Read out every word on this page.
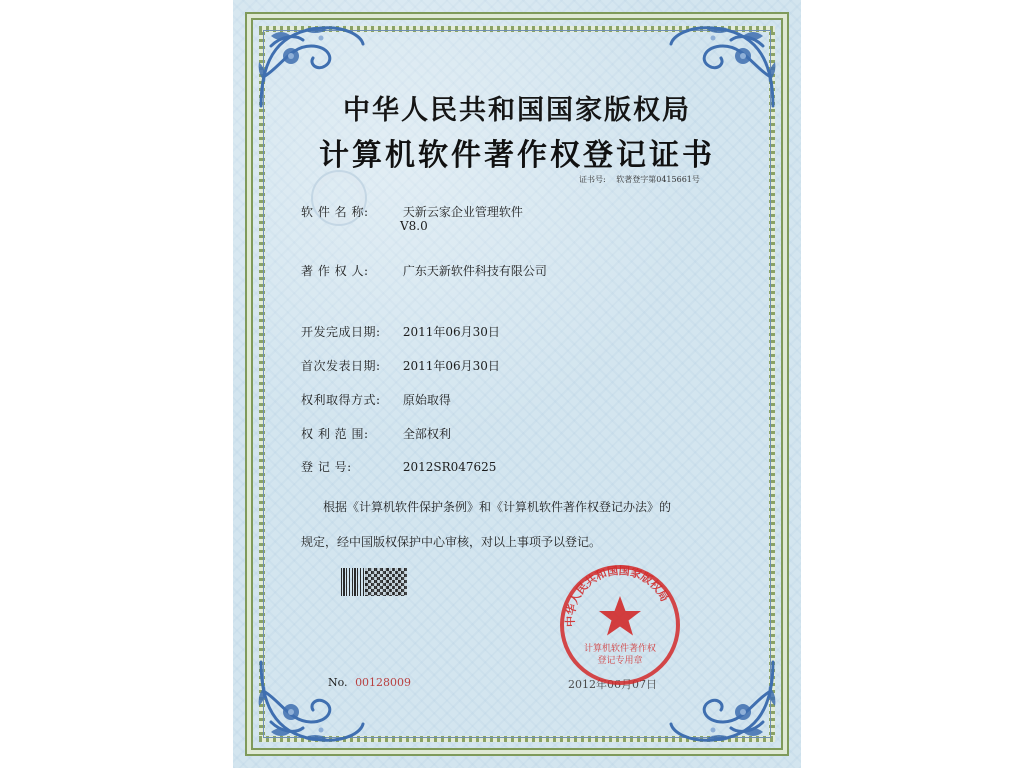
中华人民共和国国家版权局
计算机软件著作权登记证书
证书号: 软著登字第0415661号
软 件 名 称:	天新云家企业管理软件
V8.0
著 作 权 人:	广东天新软件科技有限公司
开发完成日期: 2011年06月30日
首次发表日期: 2011年06月30日
权利取得方式: 原始取得
权 利 范 围:	全部权利
登 记 号:	2012SR047625
根据《计算机软件保护条例》和《计算机软件著作权登记办法》的
规定，经中国版权保护中心审核，对以上事项予以登记。
No. 00128009	2012年06月07日
中华人民共和国国家版权局
计算机软件著作权
登记专用章
